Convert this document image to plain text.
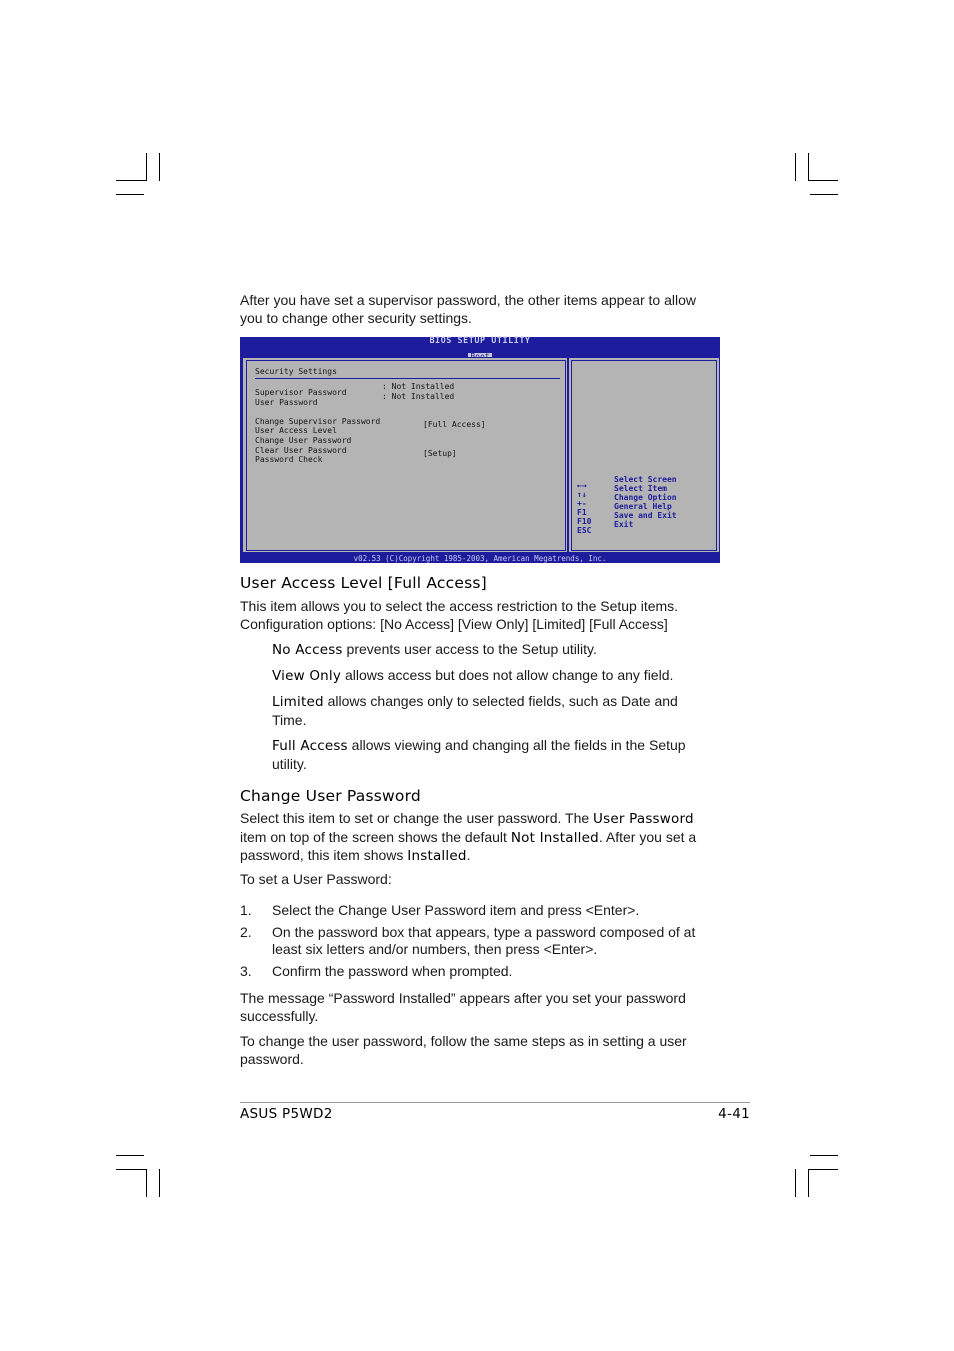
After you have set a supervisor password, the other items appear to allow you to change other security settings.

BIOS SETUP UTILITY
Security Settings
Supervisor Password
: Not Installed
User Password
: Not Installed
Change Supervisor Password
User Access Level
[Full Access]
Change User Password
Clear User Password
Password Check
[Setup]
←→
Select Screen
↑↓
Select Item
+-
Change Option
F1
General Help
F10
Save and Exit
ESC
Exit
v02.53 (C)Copyright 1985-2003, American Megatrends, Inc.
User Access Level [Full Access]

This item allows you to select the access restriction to the Setup items. Configuration options: [No Access] [View Only] [Limited] [Full Access]

No Access prevents user access to the Setup utility.
View Only allows access but does not allow change to any field.
Limited allows changes only to selected fields, such as Date and Time.
Full Access allows viewing and changing all the fields in the Setup utility.
Change User Password

Select this item to set or change the user password. The User Password item on top of the screen shows the default Not Installed. After you set a password, this item shows Installed.

To set a User Password:

1. Select the Change User Password item and press <Enter>.
2. On the password box that appears, type a password composed of at least six letters and/or numbers, then press <Enter>.
3. Confirm the password when prompted.

The message “Password Installed” appears after you set your password successfully.

To change the user password, follow the same steps as in setting a user password.

ASUS P5WD2	4-41
